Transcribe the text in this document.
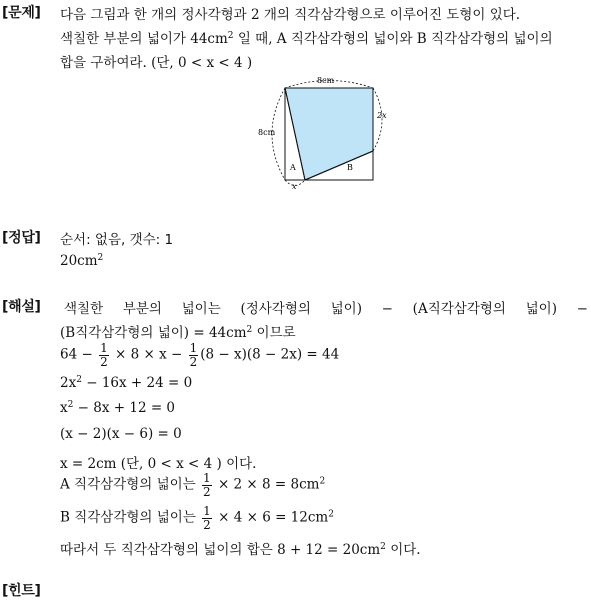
[문제] 다음 그림과 한 개의 정사각형과 2 개의 직각삼각형으로 이루어진 도형이 있다.
색칠한 부분의 넓이가 $44cm^2$ 일 때, A 직각삼각형의 넓이와 B 직각삼각형의 넓이의
합을 구하여라. (단, 0 < x < 4 )
8cm
8cm
2x
x
A	B
[정답] 순서: 없음, 갯수: 1
$20cm^2$
[해설] 색칠한 부분의 넓이는 (정사각형의 넓이) − (A직각삼각형의 넓이) −
(B직각삼각형의 넓이) = $44cm^2$ 이므로
$64 - \frac{1}{2} \times 8 \times x - \frac{1}{2} (8 - x)(8 - 2x) = 44$
$2x^2 - 16x + 24 = 0$
$x^2 - 8x + 12 = 0$
(x − 2)(x − 6) = 0
x = 2cm (단, 0 < x < 4 ) 이다.
A 직각삼각형의 넓이는 $\frac{1}{2} \times 2 \times 8 = 8cm^2$
B 직각삼각형의 넓이는 $\frac{1}{2} \times 4 \times 6 = 12cm^2$
따라서 두 직각삼각형의 넓이의 합은 $8 + 12 = 20cm^2$ 이다.
[힌트]
